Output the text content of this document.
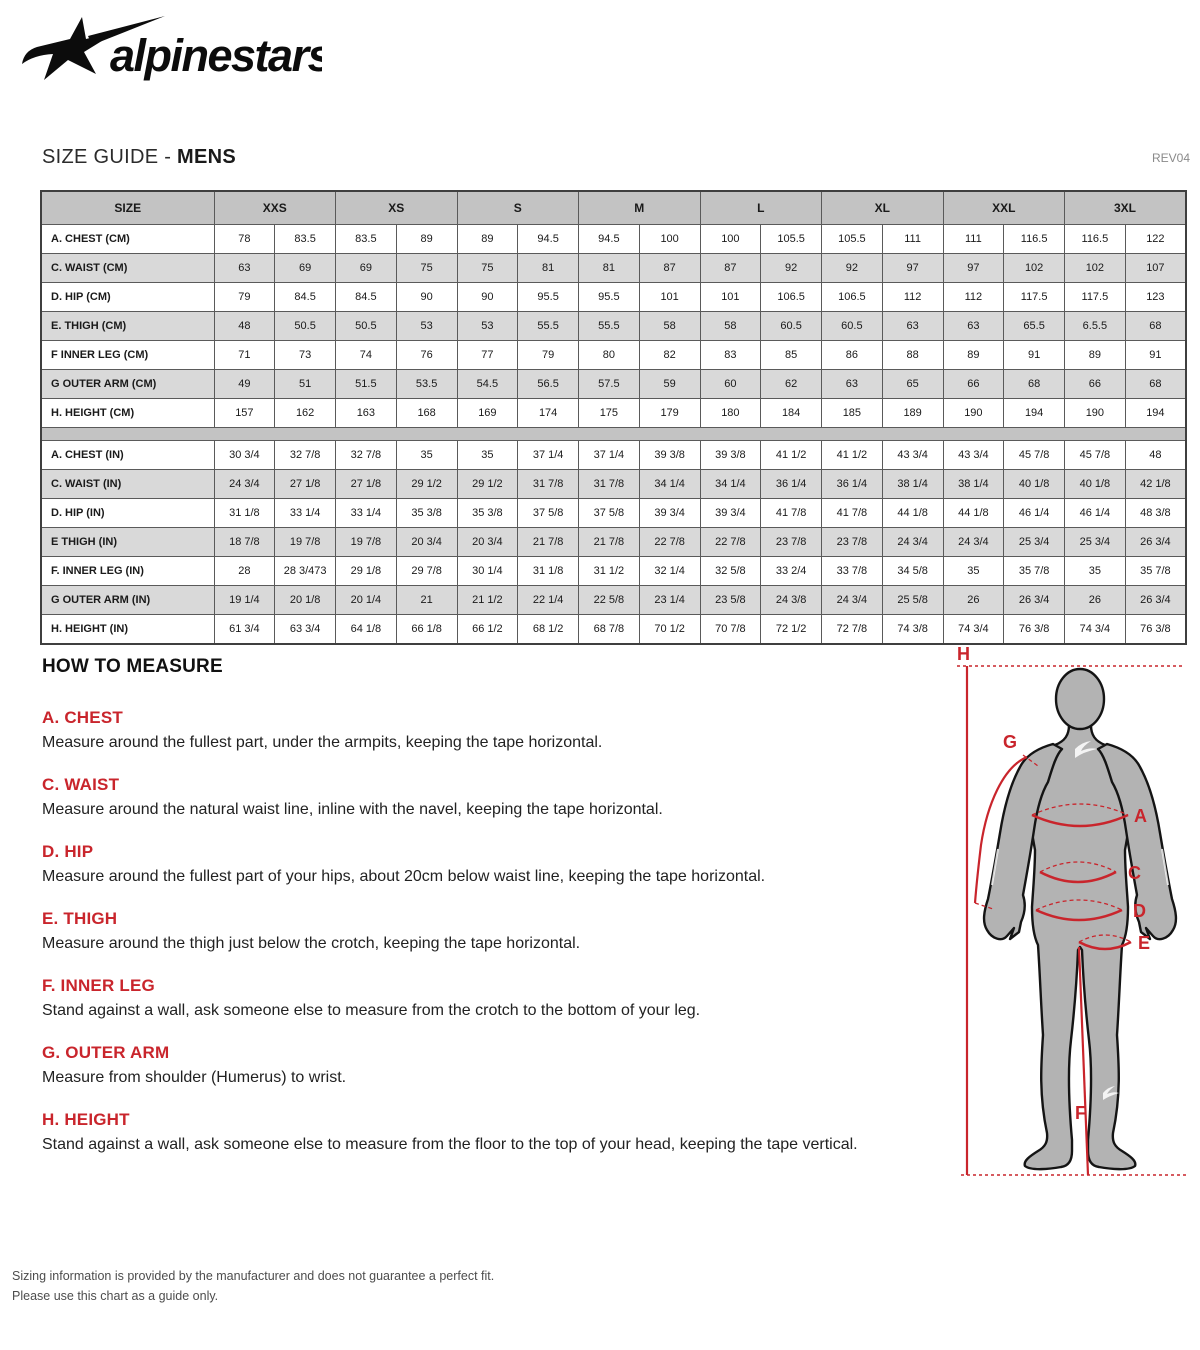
alpinestars
SIZE GUIDE - MENS	REV04
SIZE	XXS		XS		S		M		L		XL		XXL		3XL	
A. CHEST (CM)	78	83.5	83.5	89	89	94.5	94.5	100	100	105.5	105.5	111	111	116.5	116.5	122
C. WAIST (CM)	63	69	69	75	75	81	81	87	87	92	92	97	97	102	102	107
D. HIP (CM)	79	84.5	84.5	90	90	95.5	95.5	101	101	106.5	106.5	112	112	117.5	117.5	123
E. THIGH (CM)	48	50.5	50.5	53	53	55.5	55.5	58	58	60.5	60.5	63	63	65.5	6.5.5	68
F INNER LEG (CM)	71	73	74	76	77	79	80	82	83	85	86	88	89	91	89	91
G OUTER ARM (CM)	49	51	51.5	53.5	54.5	56.5	57.5	59	60	62	63	65	66	68	66	68
H. HEIGHT (CM)	157	162	163	168	169	174	175	179	180	184	185	189	190	194	190	194

A. CHEST (IN)	30 3/4	32 7/8	32 7/8	35	35	37 1/4	37 1/4	39 3/8	39 3/8	41 1/2	41 1/2	43 3/4	43 3/4	45 7/8	45 7/8	48
C. WAIST (IN)	24 3/4	27 1/8	27 1/8	29 1/2	29 1/2	31 7/8	31 7/8	34 1/4	34 1/4	36 1/4	36 1/4	38 1/4	38 1/4	40 1/8	40 1/8	42 1/8
D. HIP (IN)	31 1/8	33 1/4	33 1/4	35 3/8	35 3/8	37 5/8	37 5/8	39 3/4	39 3/4	41 7/8	41 7/8	44 1/8	44 1/8	46 1/4	46 1/4	48 3/8
E THIGH (IN)	18 7/8	19 7/8	19 7/8	20 3/4	20 3/4	21 7/8	21 7/8	22 7/8	22 7/8	23 7/8	23 7/8	24 3/4	24 3/4	25 3/4	25 3/4	26 3/4
F. INNER LEG (IN)	28	28 3/473	29 1/8	29 7/8	30 1/4	31 1/8	31 1/2	32 1/4	32 5/8	33 2/4	33 7/8	34 5/8	35	35 7/8	35	35 7/8
G OUTER ARM (IN)	19 1/4	20 1/8	20 1/4	21	21 1/2	22 1/4	22 5/8	23 1/4	23 5/8	24 3/8	24 3/4	25 5/8	26	26 3/4	26	26 3/4
H. HEIGHT (IN)	61 3/4	63 3/4	64 1/8	66 1/8	66 1/2	68 1/2	68 7/8	70 1/2	70 7/8	72 1/2	72 7/8	74 3/8	74 3/4	76 3/8	74 3/4	76 3/8
HOW TO MEASURE
A. CHEST

Measure around the fullest part, under the armpits, keeping the tape horizontal.

C. WAIST

Measure around the natural waist line, inline with the navel, keeping the tape horizontal.

D. HIP

Measure around the fullest part of your hips, about 20cm below waist line, keeping the tape horizontal.

E. THIGH

Measure around the thigh just below the crotch, keeping the tape horizontal.

F. INNER LEG

Stand against a wall, ask someone else to measure from the crotch to the bottom of your leg.

G. OUTER ARM

Measure from shoulder (Humerus) to wrist.

H. HEIGHT

Stand against a wall, ask someone else to measure from the floor to the top of your head, keeping the tape vertical.

H
G
A
C
D
E
F

Sizing information is provided by the manufacturer and does not guarantee a perfect fit.

Please use this chart as a guide only.
